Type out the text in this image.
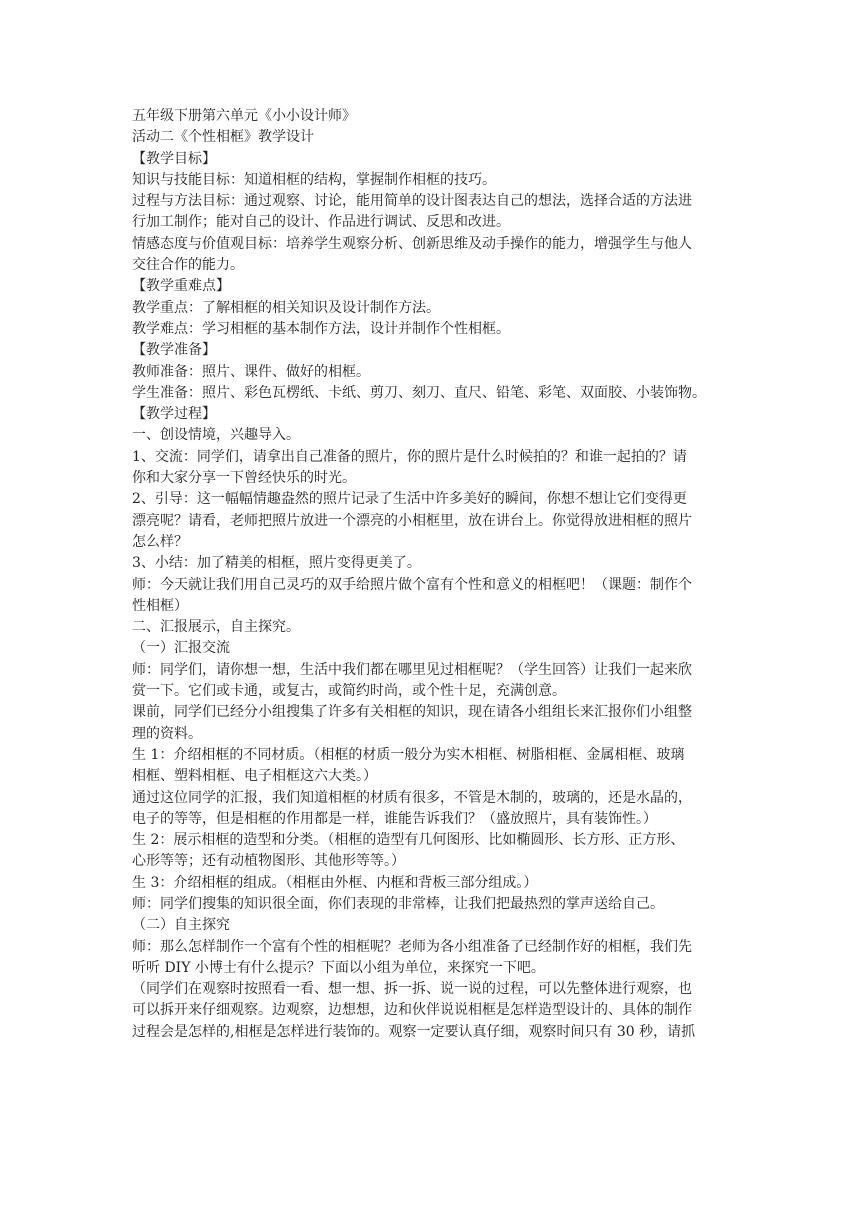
五年级下册第六单元《小小设计师》
活动二《个性相框》教学设计
【教学目标】
知识与技能目标：知道相框的结构，掌握制作相框的技巧。
过程与方法目标：通过观察、讨论，能用简单的设计图表达自己的想法，选择合适的方法进
行加工制作；能对自己的设计、作品进行调试、反思和改进。
情感态度与价值观目标：培养学生观察分析、创新思维及动手操作的能力，增强学生与他人
交往合作的能力。
【教学重难点】
教学重点：了解相框的相关知识及设计制作方法。
教学难点：学习相框的基本制作方法，设计并制作个性相框。
【教学准备】
教师准备：照片、课件、做好的相框。
学生准备：照片、彩色瓦楞纸、卡纸、剪刀、刻刀、直尺、铅笔、彩笔、双面胶、小装饰物。
【教学过程】
一、创设情境，兴趣导入。
1、交流：同学们，请拿出自己准备的照片，你的照片是什么时候拍的？和谁一起拍的？请
你和大家分享一下曾经快乐的时光。
2、引导：这一幅幅情趣盎然的照片记录了生活中许多美好的瞬间，你想不想让它们变得更
漂亮呢？请看，老师把照片放进一个漂亮的小相框里，放在讲台上。你觉得放进相框的照片
怎么样？
3、小结：加了精美的相框，照片变得更美了。
师：今天就让我们用自己灵巧的双手给照片做个富有个性和意义的相框吧！（课题：制作个
性相框）
二、汇报展示，自主探究。
（一）汇报交流
师：同学们，请你想一想，生活中我们都在哪里见过相框呢？（学生回答）让我们一起来欣
赏一下。它们或卡通，或复古，或简约时尚，或个性十足，充满创意。
课前，同学们已经分小组搜集了许多有关相框的知识，现在请各小组组长来汇报你们小组整
理的资料。
生 1：介绍相框的不同材质。（相框的材质一般分为实木相框、树脂相框、金属相框、玻璃
相框、塑料相框、电子相框这六大类。）
通过这位同学的汇报，我们知道相框的材质有很多，不管是木制的，玻璃的，还是水晶的，
电子的等等，但是相框的作用都是一样，谁能告诉我们？（盛放照片，具有装饰性。）
生 2：展示相框的造型和分类。（相框的造型有几何图形、比如椭圆形、长方形、正方形、
心形等等；还有动植物图形、其他形等等。）
生 3：介绍相框的组成。（相框由外框、内框和背板三部分组成。）
师：同学们搜集的知识很全面，你们表现的非常棒，让我们把最热烈的掌声送给自己。
（二）自主探究
师：那么怎样制作一个富有个性的相框呢？老师为各小组准备了已经制作好的相框，我们先
听听 DIY 小博士有什么提示？下面以小组为单位，来探究一下吧。
（同学们在观察时按照看一看、想一想、拆一拆、说一说的过程，可以先整体进行观察，也
可以拆开来仔细观察。边观察，边想想，边和伙伴说说相框是怎样造型设计的、具体的制作
过程会是怎样的,相框是怎样进行装饰的。观察一定要认真仔细，观察时间只有 30 秒，请抓
